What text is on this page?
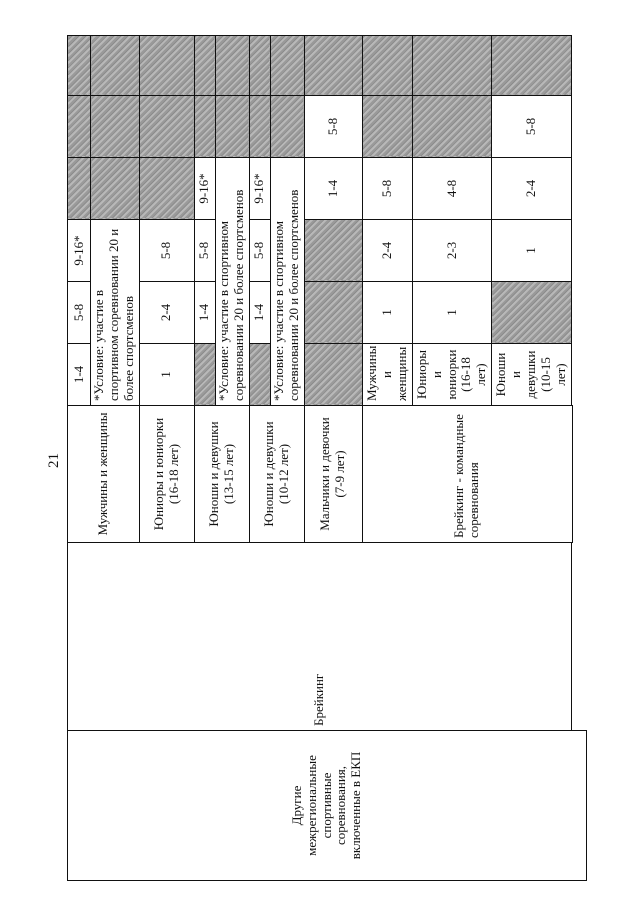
21
Другие межрегиональные спортивные соревнования, включенные в ЕКП	Брейкинг	Мужчины и женщины	1-4	5-8	9-16*				
			*Условие: участие в спортивном соревновании 20 и более спортсменов						
		Юниоры и юниорки (16-18 лет)	1	2-4	5-8				
		Юноши и девушки (13-15 лет)		1-4	5-8	9-16*			
			*Условие: участие в спортивном соревновании 20 и более спортсменов						
		Юноши и девушки (10-12 лет)		1-4	5-8	9-16*			
			*Условие: участие в спортивном соревновании 20 и более спортсменов						
		Мальчики и девочки (7-9 лет)				1-4	5-8		
		Брейкинг - командные соревнования	Мужчины и женщины	1	2-4	5-8			
			Юниоры и юниорки (16-18 лет)	1	2-3	4-8			
			Юноши и девушки (10-15 лет)		1	2-4	5-8		
